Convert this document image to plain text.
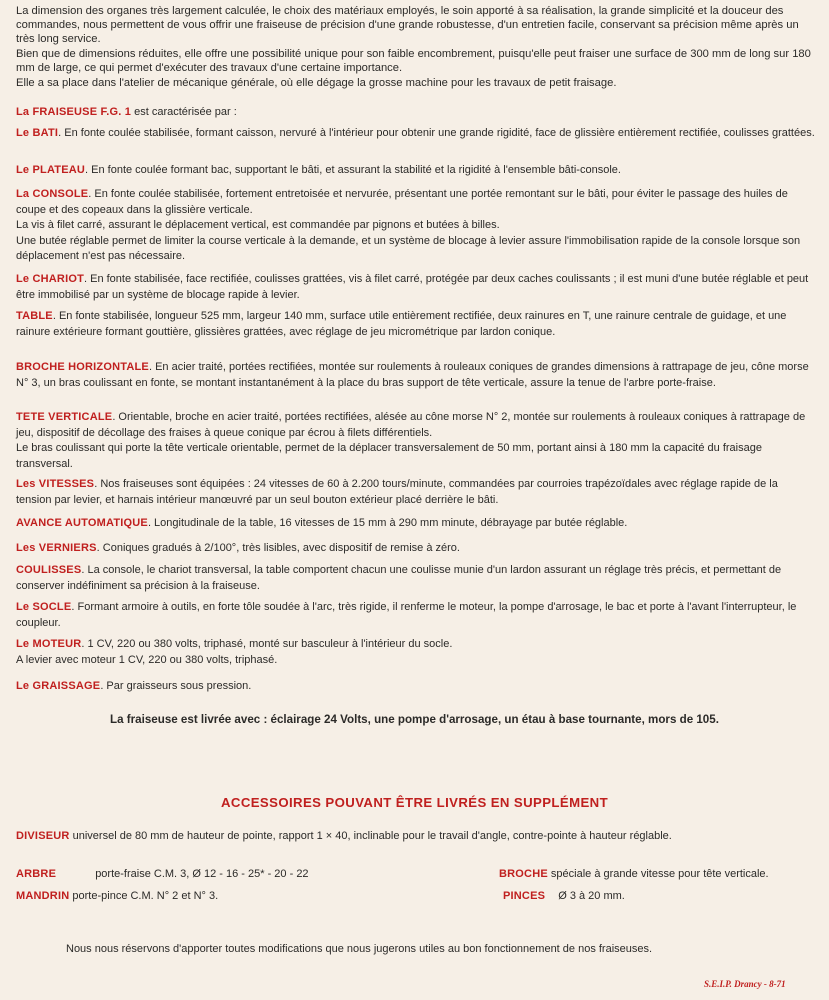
La dimension des organes très largement calculée, le choix des matériaux employés, le soin apporté à sa réalisation, la grande simplicité et la douceur des commandes, nous permettent de vous offrir une fraiseuse de précision d'une grande robustesse, d'un entretien facile, conservant sa précision même après un très long service.

Bien que de dimensions réduites, elle offre une possibilité unique pour son faible encombrement, puisqu'elle peut fraiser une surface de 300 mm de long sur 180 mm de large, ce qui permet d'exécuter des travaux d'une certaine importance.

Elle a sa place dans l'atelier de mécanique générale, où elle dégage la grosse machine pour les travaux de petit fraisage.

La FRAISEUSE F.G. 1 est caractérisée par :

Le BATI. En fonte coulée stabilisée, formant caisson, nervuré à l'intérieur pour obtenir une grande rigidité, face de glissière entièrement rectifiée, coulisses grattées.

Le PLATEAU. En fonte coulée formant bac, supportant le bâti, et assurant la stabilité et la rigidité à l'ensemble bâti-console.

La CONSOLE. En fonte coulée stabilisée, fortement entretoisée et nervurée, présentant une portée remontant sur le bâti, pour éviter le passage des huiles de coupe et des copeaux dans la glissière verticale.

La vis à filet carré, assurant le déplacement vertical, est commandée par pignons et butées à billes.

Une butée réglable permet de limiter la course verticale à la demande, et un système de blocage à levier assure l'immobilisation rapide de la console lorsque son déplacement n'est pas nécessaire.

Le CHARIOT. En fonte stabilisée, face rectifiée, coulisses grattées, vis à filet carré, protégée par deux caches coulissants ; il est muni d'une butée réglable et peut être immobilisé par un système de blocage rapide à levier.

TABLE. En fonte stabilisée, longueur 525 mm, largeur 140 mm, surface utile entièrement rectifiée, deux rainures en T, une rainure centrale de guidage, et une rainure extérieure formant gouttière, glissières grattées, avec réglage de jeu micrométrique par lardon conique.

BROCHE HORIZONTALE. En acier traité, portées rectifiées, montée sur roulements à rouleaux coniques de grandes dimensions à rattrapage de jeu, cône morse N° 3, un bras coulissant en fonte, se montant instantanément à la place du bras support de tête verticale, assure la tenue de l'arbre porte-fraise.

TETE VERTICALE. Orientable, broche en acier traité, portées rectifiées, alésée au cône morse N° 2, montée sur roulements à rouleaux coniques à rattrapage de jeu, dispositif de décollage des fraises à queue conique par écrou à filets différentiels.

Le bras coulissant qui porte la tête verticale orientable, permet de la déplacer transversalement de 50 mm, portant ainsi à 180 mm la capacité du fraisage transversal.

Les VITESSES. Nos fraiseuses sont équipées : 24 vitesses de 60 à 2.200 tours/minute, commandées par courroies trapézoïdales avec réglage rapide de la tension par levier, et harnais intérieur manœuvré par un seul bouton extérieur placé derrière le bâti.

AVANCE AUTOMATIQUE. Longitudinale de la table, 16 vitesses de 15 mm à 290 mm minute, débrayage par butée réglable.

Les VERNIERS. Coniques gradués à 2/100°, très lisibles, avec dispositif de remise à zéro.

COULISSES. La console, le chariot transversal, la table comportent chacun une coulisse munie d'un lardon assurant un réglage très précis, et permettant de conserver indéfiniment sa précision à la fraiseuse.

Le SOCLE. Formant armoire à outils, en forte tôle soudée à l'arc, très rigide, il renferme le moteur, la pompe d'arrosage, le bac et porte à l'avant l'interrupteur, le coupleur.

Le MOTEUR. 1 CV, 220 ou 380 volts, triphasé, monté sur basculeur à l'intérieur du socle.

A levier avec moteur 1 CV, 220 ou 380 volts, triphasé.

Le GRAISSAGE. Par graisseurs sous pression.

La fraiseuse est livrée avec : éclairage 24 Volts, une pompe d'arrosage, un étau à base tournante, mors de 105.
ACCESSOIRES POUVANT ÊTRE LIVRÉS EN SUPPLÉMENT
DIVISEUR universel de 80 mm de hauteur de pointe, rapport 1 × 40, inclinable pour le travail d'angle, contre-pointe à hauteur réglable.
ARBRE	porte-fraise C.M. 3, Ø 12 - 16 - 25* - 20 - 22	BROCHE spéciale à grande vitesse pour tête verticale.
MANDRIN porte-pince C.M. N° 2 et N° 3.	PINCES Ø 3 à 20 mm.
Nous nous réservons d'apporter toutes modifications que nous jugerons utiles au bon fonctionnement de nos fraiseuses.
S.E.I.P. Drancy - 8-71
